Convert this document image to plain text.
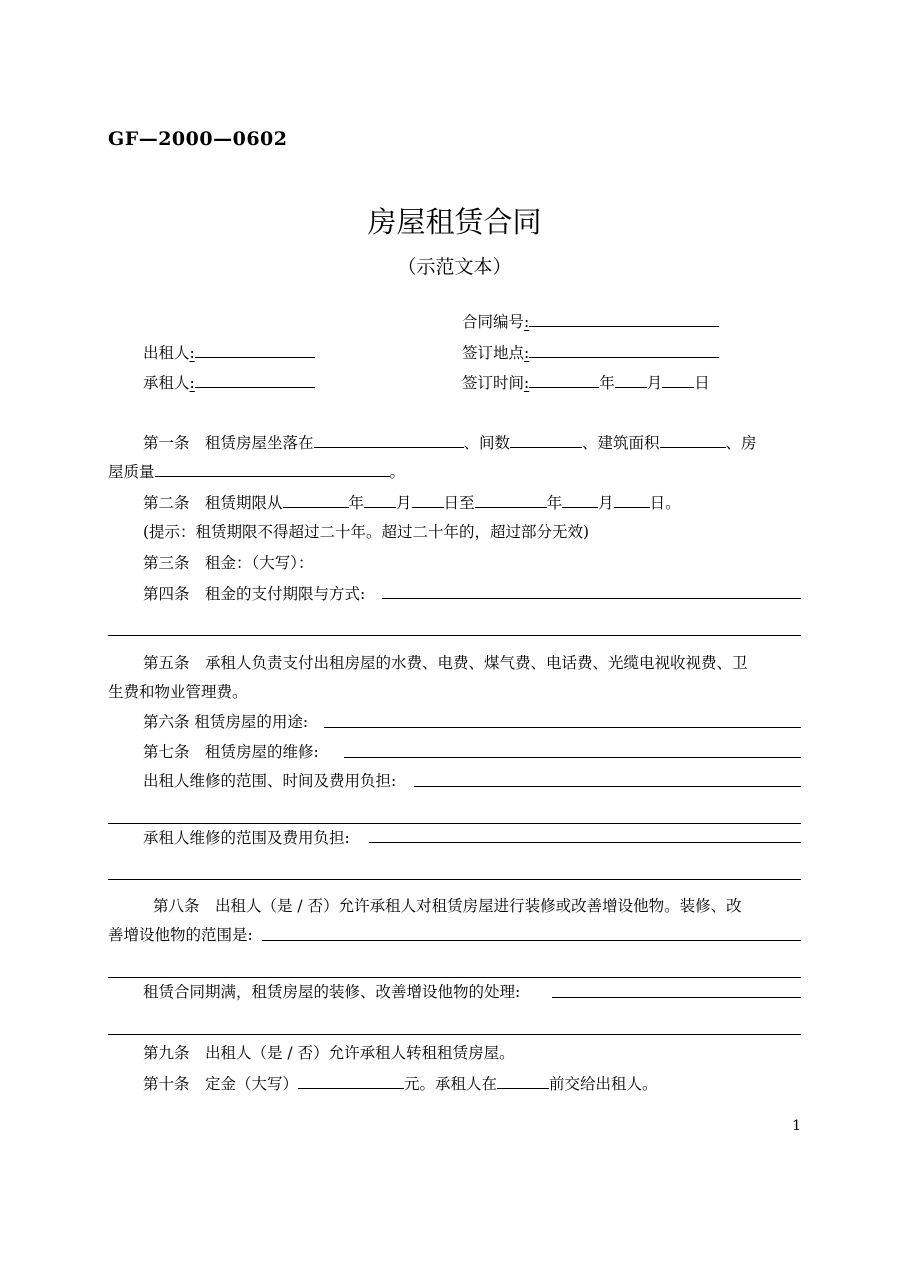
GF—2000—0602
房屋租赁合同
（示范文本）
合同编号:
出租人:	签订地点:
承租人:	签订时间:	年 月 日
第一条　租赁房屋坐落在	、间数	、建筑面积	、房
屋质量	。
第二条　租赁期限从	年 月 日至	年 月 日。
(提示：租赁期限不得超过二十年。超过二十年的，超过部分无效)
第三条　租金：（大写）：
第四条　租金的支付期限与方式:
第五条　承租人负责支付出租房屋的水费、电费、煤气费、电话费、光缆电视收视费、卫
生费和物业管理费。
第六条 租赁房屋的用途:
第七条　租赁房屋的维修:
出租人维修的范围、时间及费用负担:
承租人维修的范围及费用负担:
第八条　出租人（是 / 否）允许承租人对租赁房屋进行装修或改善增设他物。装修、改
善增设他物的范围是:
租赁合同期满，租赁房屋的装修、改善增设他物的处理:
第九条　出租人（是 / 否）允许承租人转租租赁房屋。
第十条　定金（大写）	元。承租人在	前交给出租人。
1
